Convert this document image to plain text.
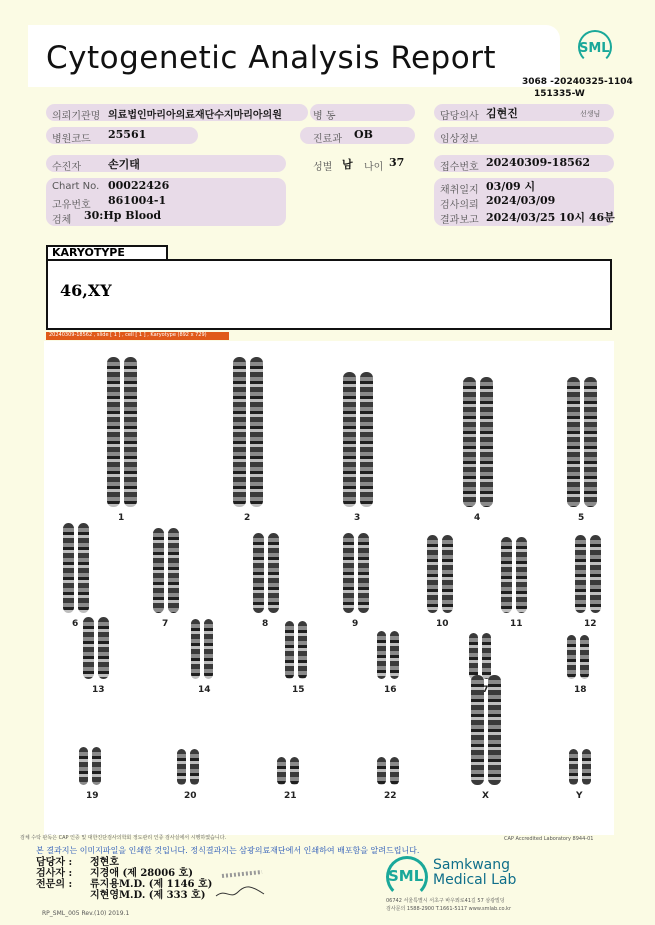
Cytogenetic Analysis Report	SML
3068 -20240325-1104
151335-W
의뢰기관명 의료법인마리아의료재단수지마리아의원	병 동	담당의사 김현진	선생님
병원코드 25561	진료과 OB	임상정보
수진자 손기태	성별 남 나이 37	접수번호 20240309-18562
Chart No. 00022426
고유번호 861004-1
검체 30:Hp Blood
채취일지 03/09 시
검사의뢰 2024/03/09
결과보고 2024/03/25 10시 46분
KARYOTYPE
46,XY
20240309-18562 , slide [ 1 ] , cell [ 1 ] , Karyotype (892 x 729)
1	2	3	4	5
6	7	8	9	10	11	12
13	14	15	16	18
19	20	21	22	X	Y
검체 수탁 판독은 CAP 인증 및 대한진단검사의학회 정도관리 인증 검사실에서 시행하였습니다.	CAP Accredited Laboratory 8944-01
본 결과지는 이미지파일을 인쇄한 것입니다. 정식결과지는 삼광의료재단에서 인쇄하여 배포함을 알려드립니다.
담당자 : 정현호
검사자 : 지경애 (제 28006 호)
전문의 : 류지용M.D. (제 1146 호)
지현영M.D. (제 333 호)
SML
Samkwang
Medical Lab
06742 서울특별시 서초구 바우뫼로41길 57 삼광빌딩
검사문의 1588-2900 T.1661-5117 www.smlab.co.kr
RP_SML_005 Rev.(10) 2019.1
